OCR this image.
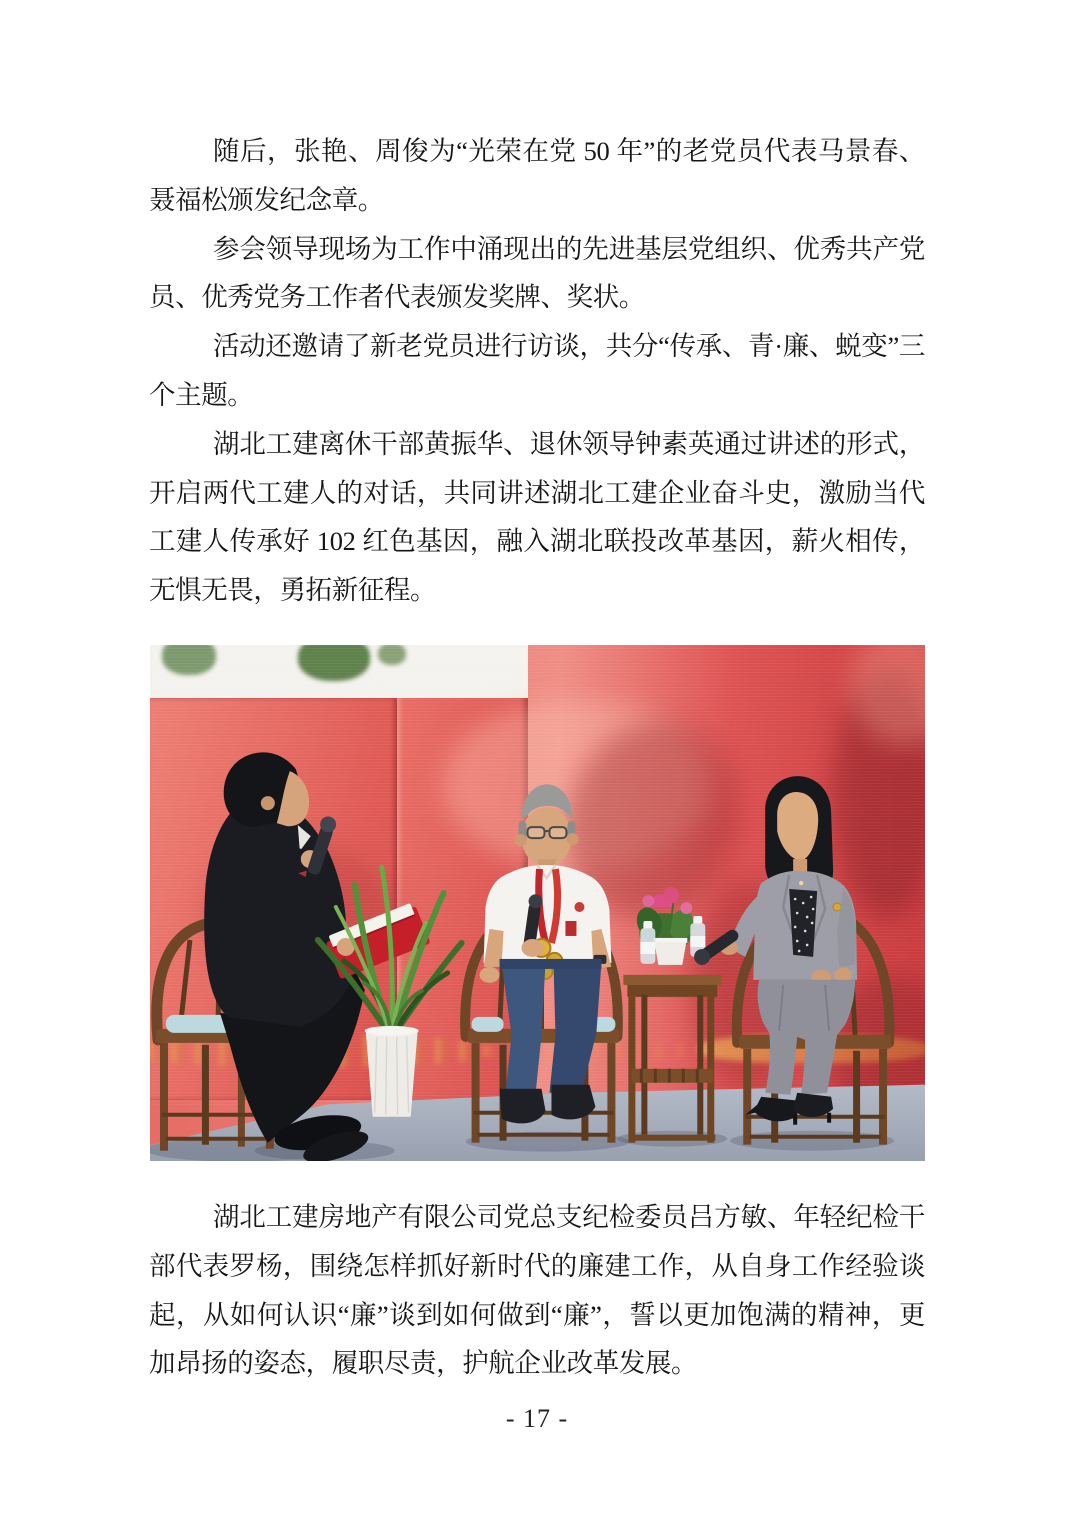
随后，张艳、周俊为“光荣在党 50 年”的老党员代表马景春、聂福松颁发纪念章。

参会领导现场为工作中涌现出的先进基层党组织、优秀共产党员、优秀党务工作者代表颁发奖牌、奖状。

活动还邀请了新老党员进行访谈，共分“传承、青·廉、蜕变”三个主题。

湖北工建离休干部黄振华、退休领导钟素英通过讲述的形式，开启两代工建人的对话，共同讲述湖北工建企业奋斗史，激励当代工建人传承好 102 红色基因，融入湖北联投改革基因，薪火相传，无惧无畏，勇拓新征程。

湖北工建房地产有限公司党总支纪检委员吕方敏、年轻纪检干部代表罗杨，围绕怎样抓好新时代的廉建工作，从自身工作经验谈起，从如何认识“廉”谈到如何做到“廉”，誓以更加饱满的精神，更加昂扬的姿态，履职尽责，护航企业改革发展。

- 17 -
